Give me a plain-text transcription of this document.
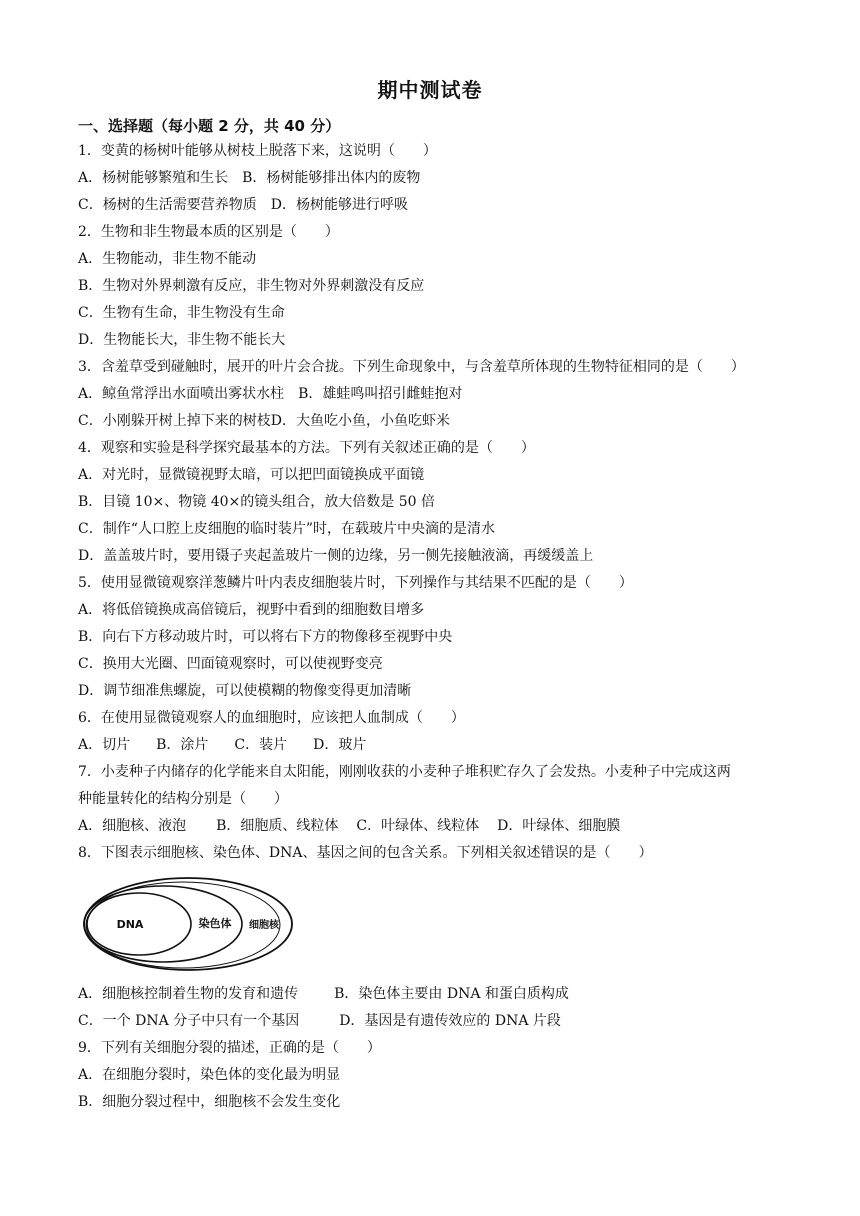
期中测试卷
一、选择题（每小题 2 分，共 40 分）
1．变黄的杨树叶能够从树枝上脱落下来，这说明（　　）
A．杨树能够繁殖和生长 B．杨树能够排出体内的废物
C．杨树的生活需要营养物质 D．杨树能够进行呼吸
2．生物和非生物最本质的区别是（　　）
A．生物能动，非生物不能动
B．生物对外界刺激有反应，非生物对外界刺激没有反应
C．生物有生命，非生物没有生命
D．生物能长大，非生物不能长大
3．含羞草受到碰触时，展开的叶片会合拢。下列生命现象中，与含羞草所体现的生物特征相同的是（　　）
A．鲸鱼常浮出水面喷出雾状水柱 B．雄蛙鸣叫招引雌蛙抱对
C．小刚躲开树上掉下来的树枝D．大鱼吃小鱼，小鱼吃虾米
4．观察和实验是科学探究最基本的方法。下列有关叙述正确的是（　　）
A．对光时，显微镜视野太暗，可以把凹面镜换成平面镜
B．目镜 10×、物镜 40×的镜头组合，放大倍数是 50 倍
C．制作“人口腔上皮细胞的临时装片”时，在载玻片中央滴的是清水
D．盖盖玻片时，要用镊子夹起盖玻片一侧的边缘，另一侧先接触液滴，再缓缓盖上
5．使用显微镜观察洋葱鳞片叶内表皮细胞装片时，下列操作与其结果不匹配的是（　　）
A．将低倍镜换成高倍镜后，视野中看到的细胞数目增多
B．向右下方移动玻片时，可以将右下方的物像移至视野中央
C．换用大光圈、凹面镜观察时，可以使视野变亮
D．调节细准焦螺旋，可以使模糊的物像变得更加清晰
6．在使用显微镜观察人的血细胞时，应该把人血制成（　　）
A．切片 B．涂片 C．装片 D．玻片
7．小麦种子内储存的化学能来自太阳能，刚刚收获的小麦种子堆积贮存久了会发热。小麦种子中完成这两
种能量转化的结构分别是（　　）
A．细胞核、液泡 B．细胞质、线粒体 C．叶绿体、线粒体 D．叶绿体、细胞膜
8．下图表示细胞核、染色体、DNA、基因之间的包含关系。下列相关叙述错误的是（　　）
DNA	染色体 细胞核
A．细胞核控制着生物的发育和遗传	B．染色体主要由 DNA 和蛋白质构成
C．一个 DNA 分子中只有一个基因	D．基因是有遗传效应的 DNA 片段
9．下列有关细胞分裂的描述，正确的是（　　）
A．在细胞分裂时，染色体的变化最为明显
B．细胞分裂过程中，细胞核不会发生变化
